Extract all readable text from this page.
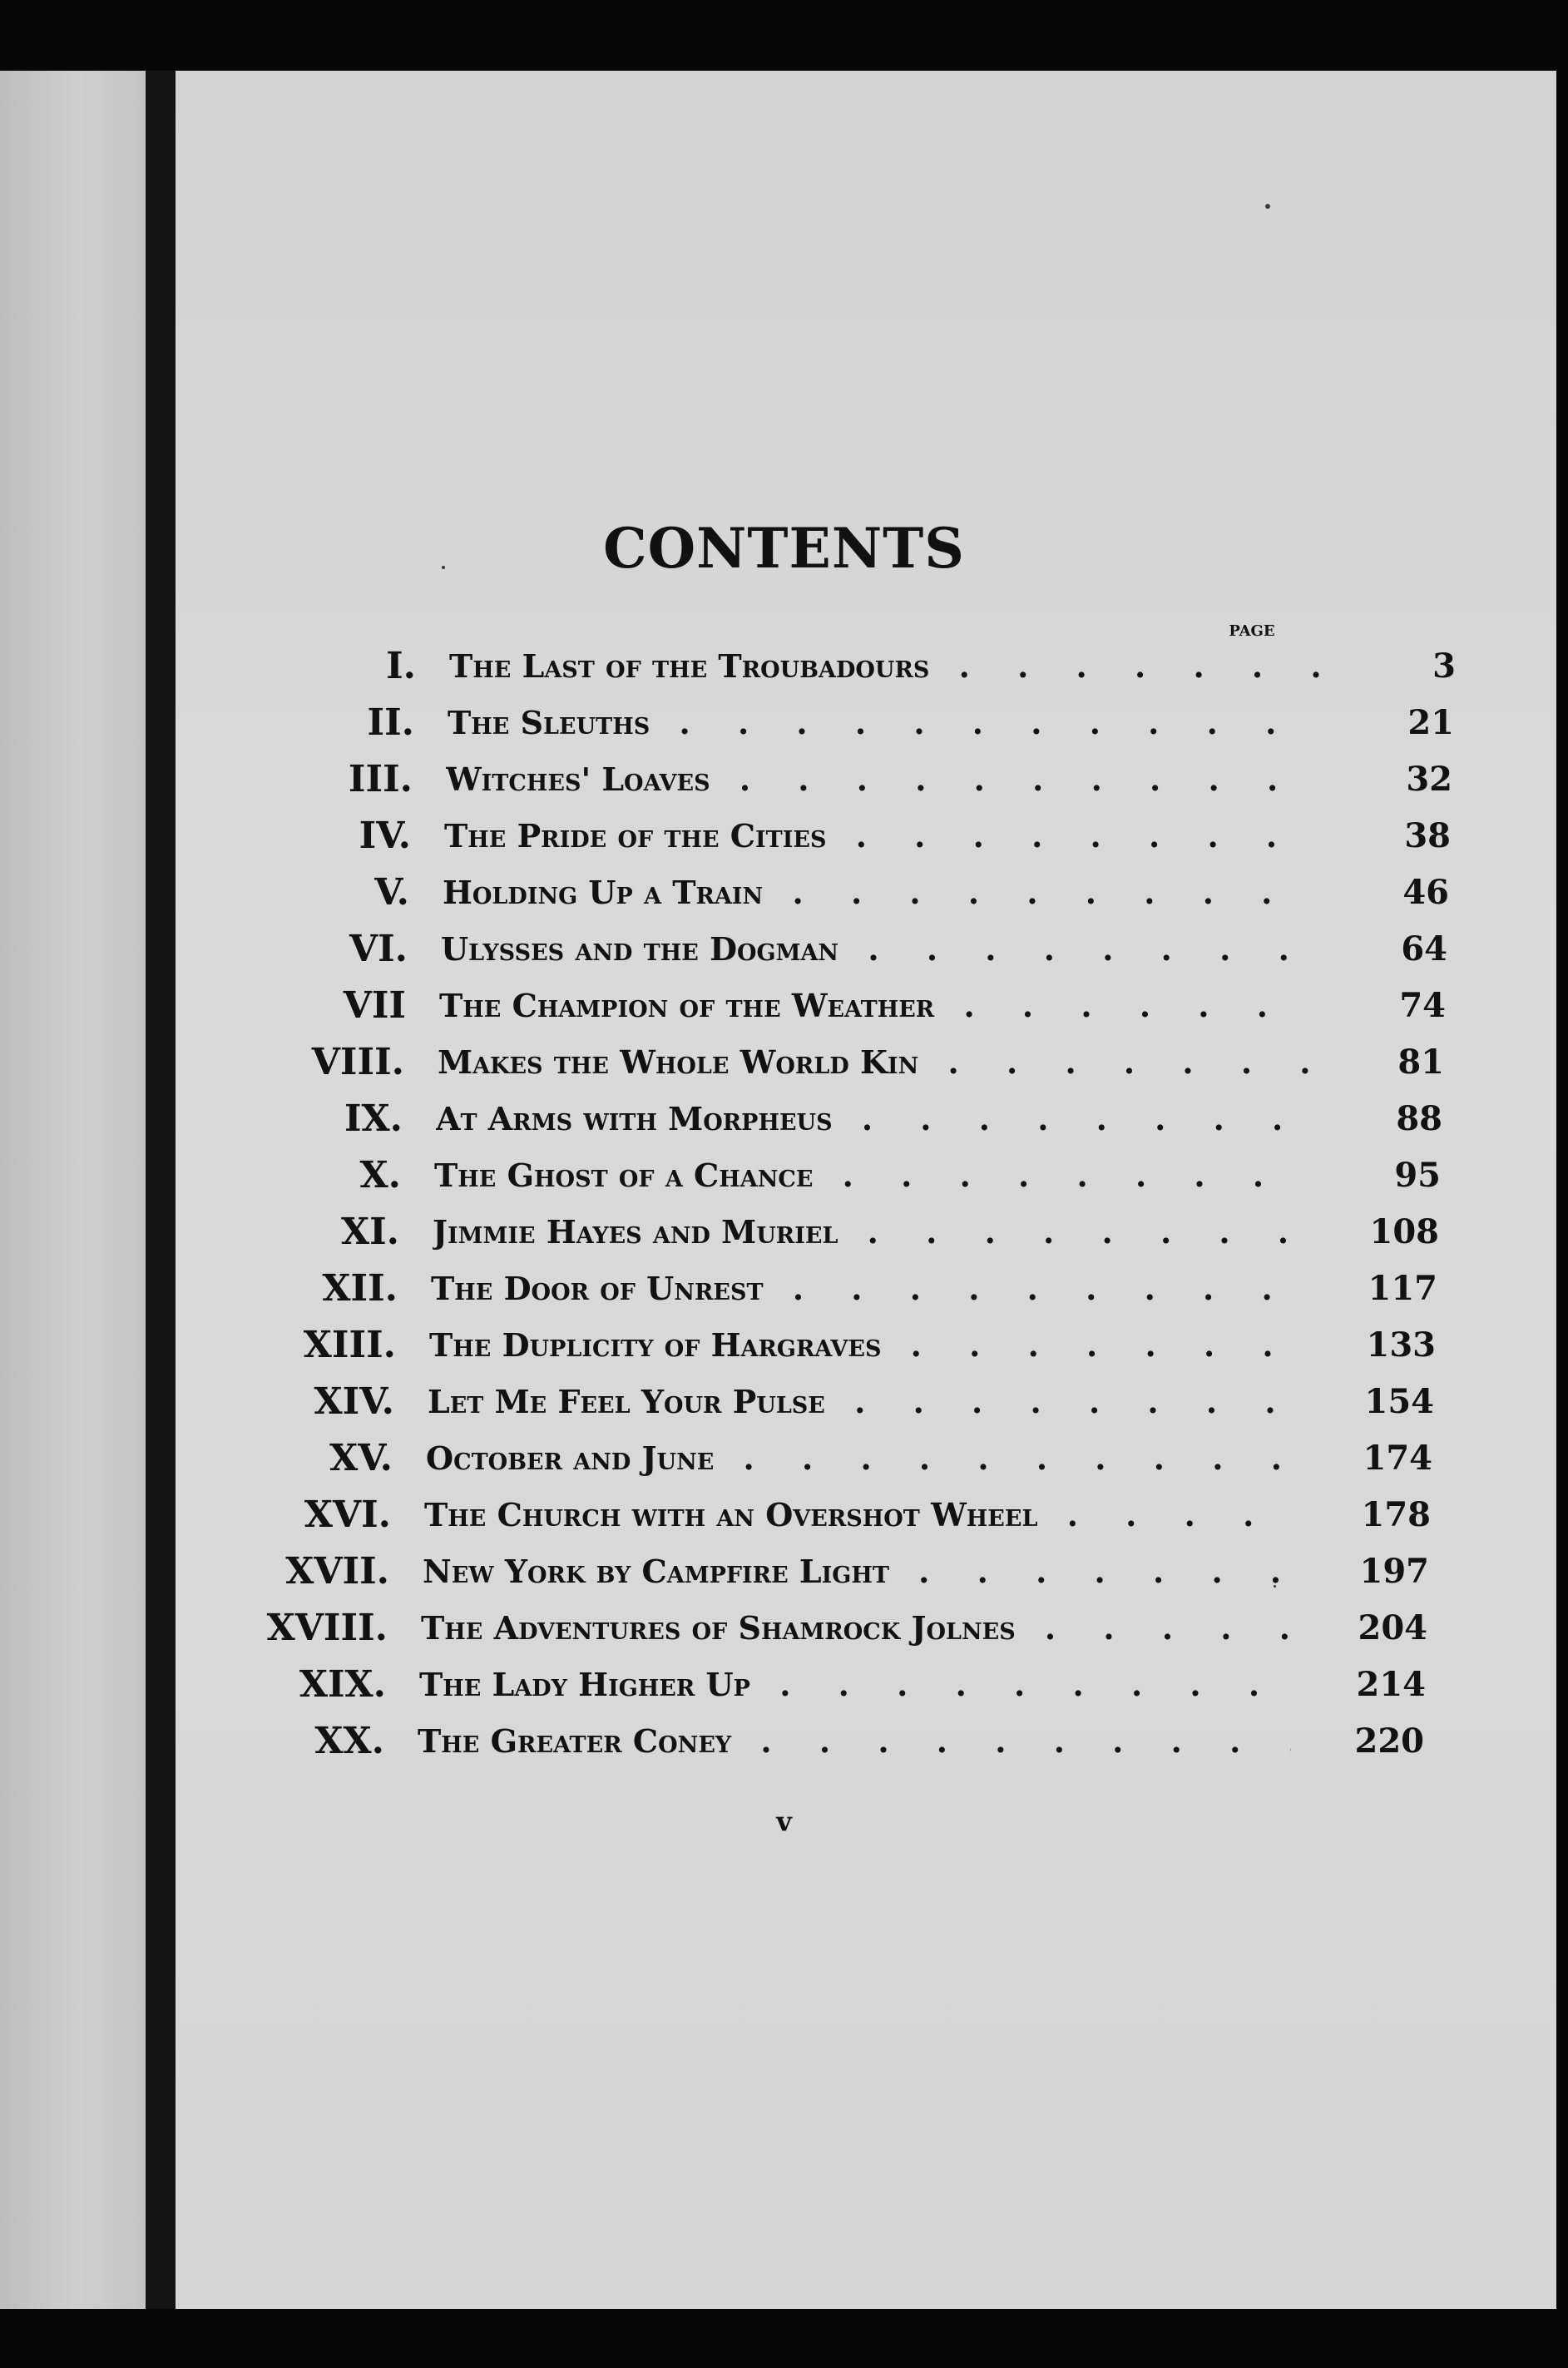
CONTENTS
PAGE
I. The Last of the Troubadours . . .	3
II. The Sleuths . . .	21
III. Witches' Loaves . . .	32
IV. The Pride of the Cities . . .	38
V. Holding Up a Train . . .	46
VI. Ulysses and the Dogman . . .	64
VII The Champion of the Weather . . .	74
VIII. Makes the Whole World Kin . . .	81
IX. At Arms with Morpheus . . .	88
X. The Ghost of a Chance . . .	95
XI. Jimmie Hayes and Muriel . . .	108
XII. The Door of Unrest . . .	117
XIII. The Duplicity of Hargraves . . .	133
XIV. Let Me Feel Your Pulse . . .	154
XV. October and June . . .	174
XVI. The Church with an Overshot Wheel . . .	178
XVII. New York by Campfire Light . . .	197
XVIII. The Adventures of Shamrock Jolnes . . .	204
XIX. The Lady Higher Up . . .	214
XX. The Greater Coney . . .	220
v
